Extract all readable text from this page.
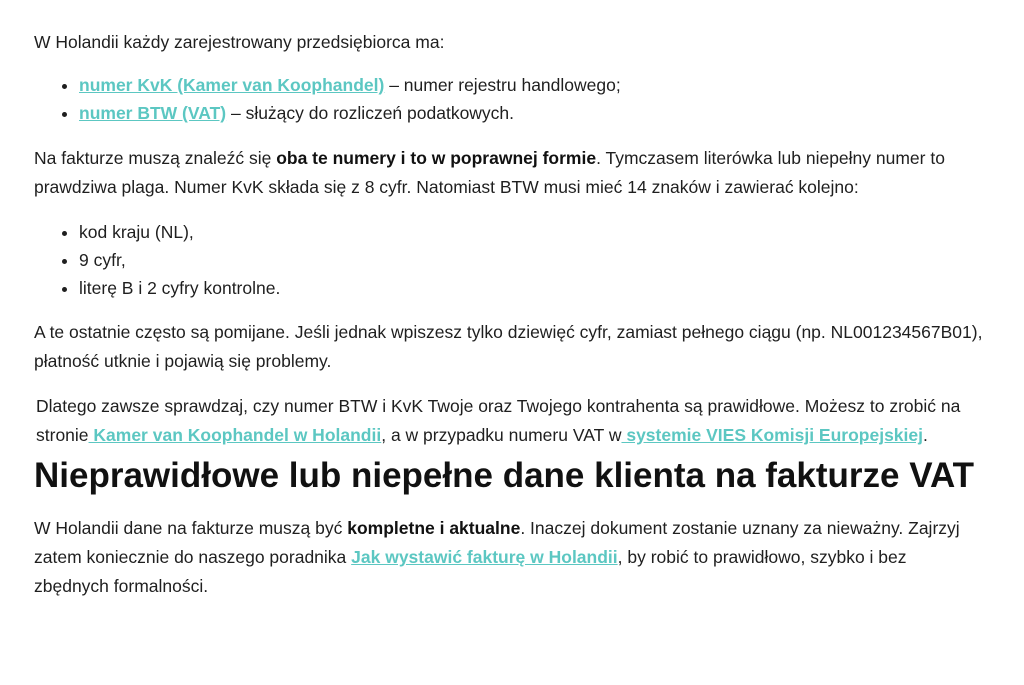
W Holandii każdy zarejestrowany przedsiębiorca ma:

• numer KvK (Kamer van Koophandel) – numer rejestru handlowego;
• numer BTW (VAT) – służący do rozliczeń podatkowych.

Na fakturze muszą znaleźć się oba te numery i to w poprawnej formie. Tymczasem literówka lub niepełny numer to prawdziwa plaga. Numer KvK składa się z 8 cyfr. Natomiast BTW musi mieć 14 znaków i zawierać kolejno:

• kod kraju (NL),
• 9 cyfr,
• literę B i 2 cyfry kontrolne.

A te ostatnie często są pomijane. Jeśli jednak wpiszesz tylko dziewięć cyfr, zamiast pełnego ciągu (np. NL001234567B01), płatność utknie i pojawią się problemy.

Dlatego zawsze sprawdzaj, czy numer BTW i KvK Twoje oraz Twojego kontrahenta są prawidłowe. Możesz to zrobić na stronie Kamer van Koophandel w Holandii, a w przypadku numeru VAT w systemie VIES Komisji Europejskiej.

Nieprawidłowe lub niepełne dane klienta na fakturze VAT

W Holandii dane na fakturze muszą być kompletne i aktualne. Inaczej dokument zostanie uznany za nieważny. Zajrzyj zatem koniecznie do naszego poradnika Jak wystawić fakturę w Holandii, by robić to prawidłowo, szybko i bez zbędnych formalności.
